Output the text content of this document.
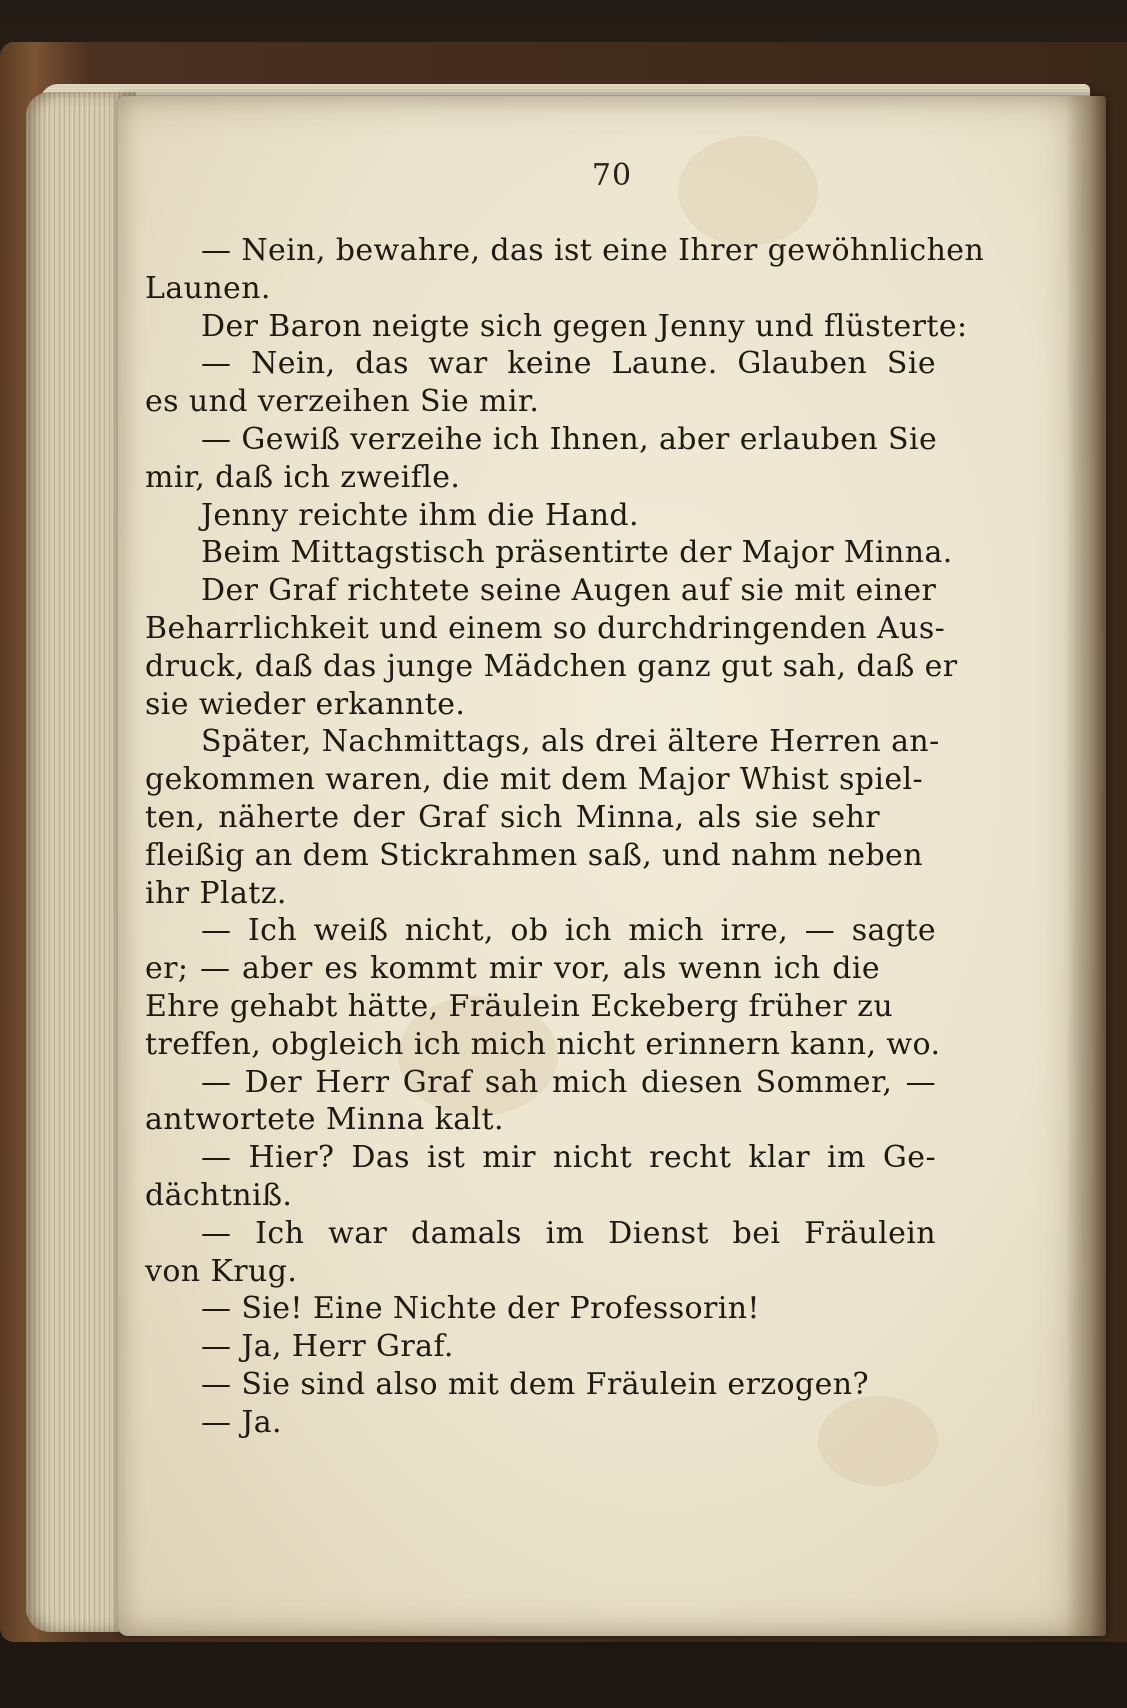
70
— Nein, bewahre, das ist eine Ihrer gewöhnlichen
Launen.
Der Baron neigte sich gegen Jenny und flüsterte:
— Nein, das war keine Laune. Glauben Sie
es und verzeihen Sie mir.
— Gewiß verzeihe ich Ihnen, aber erlauben Sie
mir, daß ich zweifle.
Jenny reichte ihm die Hand.
Beim Mittagstisch präsentirte der Major Minna.
Der Graf richtete seine Augen auf sie mit einer
Beharrlichkeit und einem so durchdringenden Aus-
druck, daß das junge Mädchen ganz gut sah, daß er
sie wieder erkannte.
Später, Nachmittags, als drei ältere Herren an-
gekommen waren, die mit dem Major Whist spiel-
ten, näherte der Graf sich Minna, als sie sehr
fleißig an dem Stickrahmen saß, und nahm neben
ihr Platz.
— Ich weiß nicht, ob ich mich irre, — sagte
er; — aber es kommt mir vor, als wenn ich die
Ehre gehabt hätte, Fräulein Eckeberg früher zu
treffen, obgleich ich mich nicht erinnern kann, wo.
— Der Herr Graf sah mich diesen Sommer, —
antwortete Minna kalt.
— Hier? Das ist mir nicht recht klar im Ge-
dächtniß.
— Ich war damals im Dienst bei Fräulein
von Krug.
— Sie! Eine Nichte der Professorin!
— Ja, Herr Graf.
— Sie sind also mit dem Fräulein erzogen?
— Ja.
